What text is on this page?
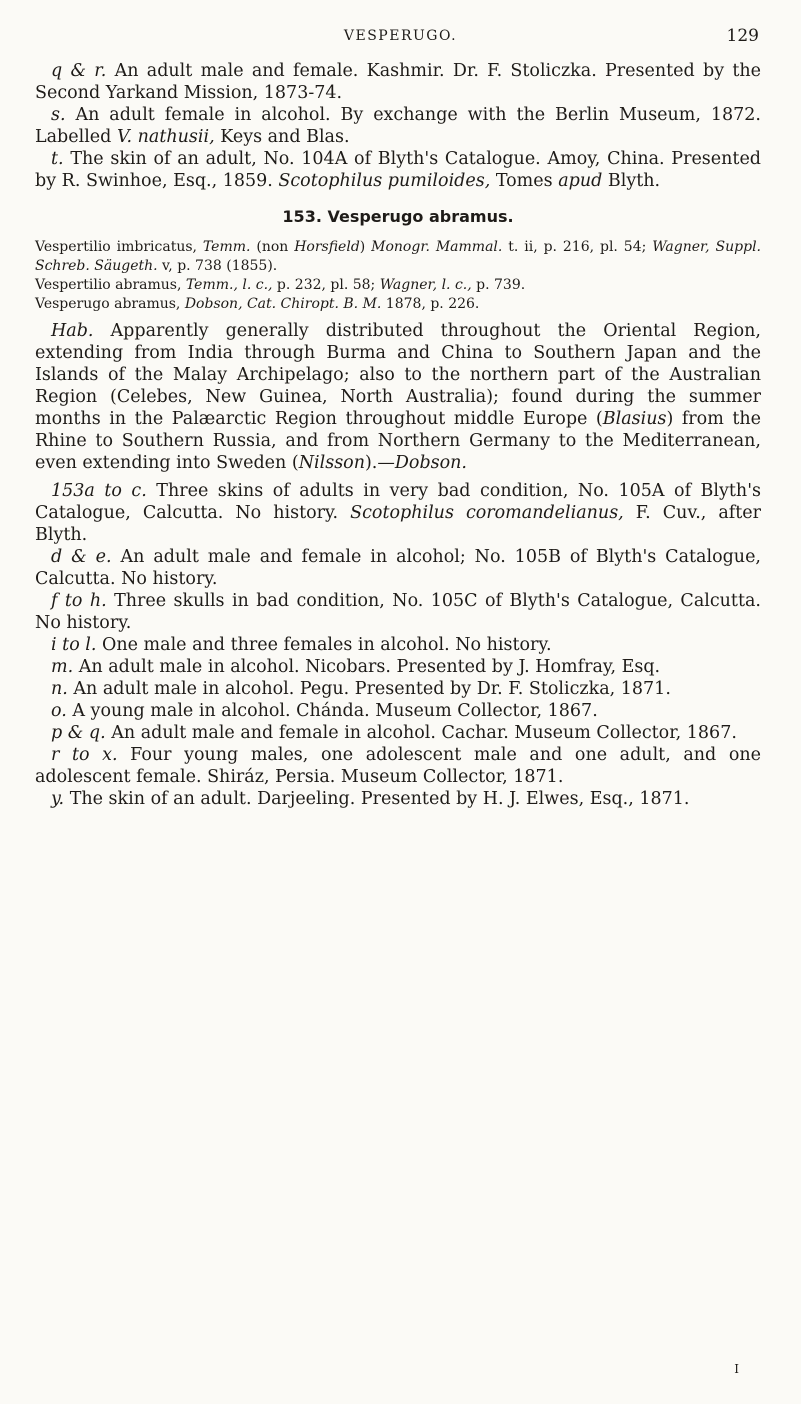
VESPERUGO.	129

q & r. An adult male and female. Kashmir. Dr. F. Stoliczka. Presented by the Second Yarkand Mission, 1873-74.

s. An adult female in alcohol. By exchange with the Berlin Museum, 1872. Labelled V. nathusii, Keys and Blas.

t. The skin of an adult, No. 104A of Blyth's Catalogue. Amoy, China. Presented by R. Swinhoe, Esq., 1859. Scotophilus pumiloides, Tomes apud Blyth.

153. Vesperugo abramus.

Vespertilio imbricatus, Temm. (non Horsfield) Monogr. Mammal. t. ii, p. 216, pl. 54; Wagner, Suppl. Schreb. Säugeth. v, p. 738 (1855).

Vespertilio abramus, Temm., l. c., p. 232, pl. 58; Wagner, l. c., p. 739.

Vesperugo abramus, Dobson, Cat. Chiropt. B. M. 1878, p. 226.

Hab. Apparently generally distributed throughout the Oriental Region, extending from India through Burma and China to Southern Japan and the Islands of the Malay Archipelago; also to the northern part of the Australian Region (Celebes, New Guinea, North Australia); found during the summer months in the Palæarctic Region throughout middle Europe (Blasius) from the Rhine to Southern Russia, and from Northern Germany to the Mediterranean, even extending into Sweden (Nilsson).—Dobson.

153a to c. Three skins of adults in very bad condition, No. 105A of Blyth's Catalogue, Calcutta. No history. Scotophilus coromandelianus, F. Cuv., after Blyth.

d & e. An adult male and female in alcohol; No. 105B of Blyth's Catalogue, Calcutta. No history.

f to h. Three skulls in bad condition, No. 105C of Blyth's Catalogue, Calcutta. No history.

i to l. One male and three females in alcohol. No history.

m. An adult male in alcohol. Nicobars. Presented by J. Homfray, Esq.

n. An adult male in alcohol. Pegu. Presented by Dr. F. Stoliczka, 1871.

o. A young male in alcohol. Chánda. Museum Collector, 1867.

p & q. An adult male and female in alcohol. Cachar. Museum Collector, 1867.

r to x. Four young males, one adolescent male and one adult, and one adolescent female. Shiráz, Persia. Museum Collector, 1871.

y. The skin of an adult. Darjeeling. Presented by H. J. Elwes, Esq., 1871.

I
